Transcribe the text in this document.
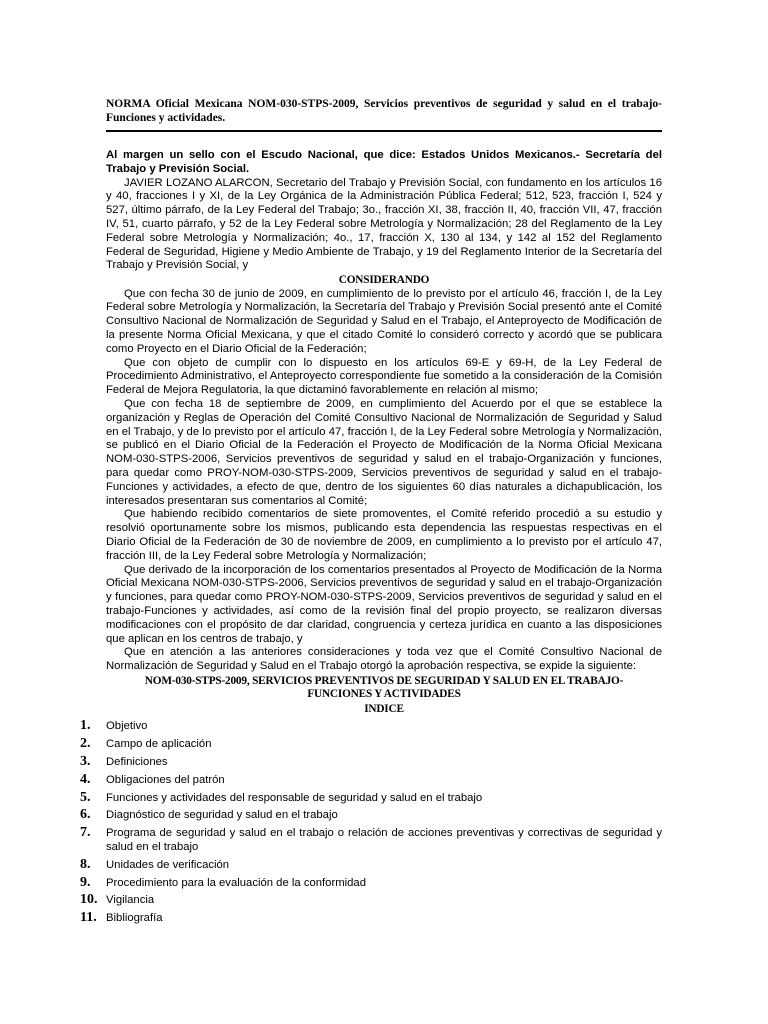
NORMA Oficial Mexicana NOM-030-STPS-2009, Servicios preventivos de seguridad y salud en el trabajo-Funciones y actividades.

Al margen un sello con el Escudo Nacional, que dice: Estados Unidos Mexicanos.- Secretaría del Trabajo y Previsión Social.

JAVIER LOZANO ALARCON, Secretario del Trabajo y Previsión Social, con fundamento en los artículos 16 y 40, fracciones I y XI, de la Ley Orgánica de la Administración Pública Federal; 512, 523, fracción I, 524 y 527, último párrafo, de la Ley Federal del Trabajo; 3o., fracción XI, 38, fracción II, 40, fracción VII, 47, fracción IV, 51, cuarto párrafo, y 52 de la Ley Federal sobre Metrología y Normalización; 28 del Reglamento de la Ley Federal sobre Metrología y Normalización; 4o., 17, fracción X, 130 al 134, y 142 al 152 del Reglamento Federal de Seguridad, Higiene y Medio Ambiente de Trabajo, y 19 del Reglamento Interior de la Secretaría del Trabajo y Previsión Social, y

CONSIDERANDO

Que con fecha 30 de junio de 2009, en cumplimiento de lo previsto por el artículo 46, fracción I, de la Ley Federal sobre Metrología y Normalización, la Secretaría del Trabajo y Previsión Social presentó ante el Comité Consultivo Nacional de Normalización de Seguridad y Salud en el Trabajo, el Anteproyecto de Modificación de la presente Norma Oficial Mexicana, y que el citado Comité lo consideró correcto y acordó que se publicara como Proyecto en el Diario Oficial de la Federación;

Que con objeto de cumplir con lo dispuesto en los artículos 69-E y 69-H, de la Ley Federal de Procedimiento Administrativo, el Anteproyecto correspondiente fue sometido a la consideración de la Comisión Federal de Mejora Regulatoria, la que dictaminó favorablemente en relación al mismo;

Que con fecha 18 de septiembre de 2009, en cumplimiento del Acuerdo por el que se establece la organización y Reglas de Operación del Comité Consultivo Nacional de Normalización de Seguridad y Salud en el Trabajo, y de lo previsto por el artículo 47, fracción I, de la Ley Federal sobre Metrología y Normalización, se publicó en el Diario Oficial de la Federación el Proyecto de Modificación de la Norma Oficial Mexicana NOM-030-STPS-2006, Servicios preventivos de seguridad y salud en el trabajo-Organización y funciones, para quedar como PROY-NOM-030-STPS-2009, Servicios preventivos de seguridad y salud en el trabajo-Funciones y actividades, a efecto de que, dentro de los siguientes 60 días naturales a dichapublicación, los interesados presentaran sus comentarios al Comité;

Que habiendo recibido comentarios de siete promoventes, el Comité referido procedió a su estudio y resolvió oportunamente sobre los mismos, publicando esta dependencia las respuestas respectivas en el Diario Oficial de la Federación de 30 de noviembre de 2009, en cumplimiento a lo previsto por el artículo 47, fracción III, de la Ley Federal sobre Metrología y Normalización;

Que derivado de la incorporación de los comentarios presentados al Proyecto de Modificación de la Norma Oficial Mexicana NOM-030-STPS-2006, Servicios preventivos de seguridad y salud en el trabajo-Organización y funciones, para quedar como PROY-NOM-030-STPS-2009, Servicios preventivos de seguridad y salud en el trabajo-Funciones y actividades, así como de la revisión final del propio proyecto, se realizaron diversas modificaciones con el propósito de dar claridad, congruencia y certeza jurídica en cuanto a las disposiciones que aplican en los centros de trabajo, y

Que en atención a las anteriores consideraciones y toda vez que el Comité Consultivo Nacional de Normalización de Seguridad y Salud en el Trabajo otorgó la aprobación respectiva, se expide la siguiente:

NOM-030-STPS-2009, SERVICIOS PREVENTIVOS DE SEGURIDAD Y SALUD EN EL TRABAJO-
FUNCIONES Y ACTIVIDADES
INDICE
1. Objetivo
2. Campo de aplicación
3. Definiciones
4. Obligaciones del patrón
5. Funciones y actividades del responsable de seguridad y salud en el trabajo
6. Diagnóstico de seguridad y salud en el trabajo
7. Programa de seguridad y salud en el trabajo o relación de acciones preventivas y correctivas de seguridad y salud en el trabajo
8. Unidades de verificación
9. Procedimiento para la evaluación de la conformidad
10. Vigilancia
11. Bibliografía
